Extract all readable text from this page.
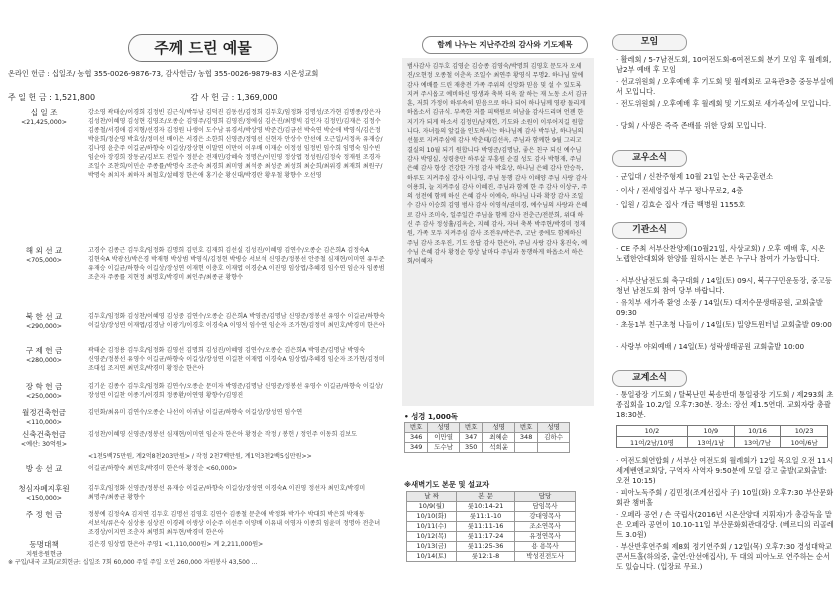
주께 드린 예물
온라인 헌금 : 십일조/ 농협 355-0026-9876-73, 감사헌금/ 농협 355-0026-9879-83 시온성교회
주 일 헌 금 : 1,521,800	감 사 헌 금 : 1,369,000
십 일 조
<21,425,000>
강소영 곽태순/이경희 김정빈 김근식/박두남 김덕진 김동선/김정희 김두호/임정화 김명성/조가현 김명종/장은자 김성찬/이혜영 김성현 김영조/오종순 김영주/김영희 김영진/정에심 김은진/최명빅 김인자 김정민/김재은 김정수 김종철/서경애 김지형/선경자 김정원 나생이 도수남 류경서/박상영 박준건/김금선 박숙연 박순애 박영식/김은정 박윤희/정순영 박효상/정미선 배이은 서경은 소한희 신영준/정영선 신현자 안상수 안선애 오근일/서정옥 유재승/김나영 윤춘주 이길균/하향숙 이길상/장상현 이말연 이만이 이우배 이재순 이정성 임정빈 임수희 임명숙 임수빈 임순아 장경희 장동균/김보도 전일수 정분순 전재민/강혜숙 정명은/이민영 정상엽 정성원/김정숙 정재원 조경자 조일수 조찬희/이민순 주종률/박명숙 조준숙 최경희 최미영 최석중 최성준 최성희 최순희/최위경 최재희 최원구/박명숙 최치자 최하자 최철호/설혜정 한은애 홍기순 황신대/박경란 황우철 황향수 오선영
해 외 선 교
<705,000>
고경수 김종근 김두호/임정화 김명희 김민호 김재희 김선실 김성진/이혜영 김연수/오종순 김은희A 김정숙A 김현숙A 박광선/박은경 박재형 박상범 박영식/김정현 박병승 서보석 신영준/정봉선 안증철 심재현/이미연 유두준 유재승 이길균/하향숙 이길상/장성연 이재헌 이충호 이재엽 이경순A 이진영 임상엽/추혜경 임수연 임순자 임종범 조춘자 주종률 지현정 최명호/박경미 최인주/최종균 황향수
북 한 선 교
<290,000>
김두호/임정화 김성찬/이혜영 김성중 김연수/오종순 김은희A 박영준/김명남 신영준/정봉선 유영수 이길균/하향숙 이길상/장성연 이재엽/김경남 이광기/이경호 이경숙A 이영석 임수연 임순자 조가현/김정미 최민호/박경미 한은아
구 제 헌 금
<280,000>
곽태순 김정용 김두호/임정화 김영선 김명희 김성진/이혜영 김연수/오종순 김은희A 박영준/김명남 박영숙 신영준/정봉선 유영수 이길균/하향숙 이길상/장성연 이길찬 이재엽 이경숙A 임상엽/추혜경 임순자 조가현/김정미 조대섭 조지연 최민호/박경미 황정순 한은아
장 학 헌 금
<250,000>
김기운 김종수 김두호/임정화 김연수/오종순 문미자 박영준/김명남 신영준/정봉선 유영수 이길균/하향숙 이길상/장성연 이길찬 이종기/이경희 정종환/이연영 황향수/김영진
월정건축헌금
<110,000>
김민화/최유미 김연수/오종순 나선이 이귀남 이길균/하향숙 이길상/장성연 임수연
신축건축헌금
<예산: 30억원>
김성찬/이혜영 신영준/정봉선 심재현/이미연 임순자 한은아 황정순 작정 / 봉헌 / 정인주 이동희 김보도
<1천5백75만원, 계2억8천203만원> / 작정 2천7백만원, 계1억3천2백5십만원>>
방 송 선 교	이길균/하향숙 최민호/박경미 한은아 황정순 <60,000>
청심자폐지후원
<150,000>
김두호/임정화 신영준/정봉선 유재승 이길균/하향숙 이길상/장성연 이경숙A 이진영 정선자 최민호/박경미 최명주/최종균 황향수
주 정 헌 금	정봉예 김정숙A 김지연 김두호 김명선 김영호 김연수 김종철 문춘애 박정화 박가수 박대희 박은희 박재동 서보석/류은숙 심상용 심상진 이경례 이생상 이순주 이선주 이양배 이유내 이영자 이종희 임윤미 정명아 전춘녀 조경상/이지연 조춘자 최명희 최두현/박경미 한은아
동명대책
지원응원헌금
김은경 임상엽 한은아 주영1 <1,110,000원> 계 2,211,000원>
※ 구입/내국 교회/교회헌금: 십일조 7회 60,000 주일 주일 오인 260,000 자원봉사 43,500 ...
함께 나누는 지난주간의 감사와 기도제목
범사감사 김두호 김영순 김승종 김영숙/박명희 김영호 문도자 오세진/오현정 오종철 이춘옥 조일수 최연주 황영식 무명2. 하나님 앞에 감사 예배를 드린 재충전 가족 주위의 신앙화 믿음 및 설 수 있도록 지켜 주시옵고 예비하신 영생과 축복 더욱 잘 하는 재 노동 소서 김규훈, 저희 가정이 하루속히 믿음으로 하나 되어 하나님께 영광 돌리게 하옵소서 김규식. 부족한 저를 피택원로 허남을 감사드리며 언젠 한지기가 되게 하소서 김정민/남재헌, 기도와 소원이 이루어지길 원합니다. 자녀들의 앞길을 인도하시는 하나님께 감사 박두남, 하나님의 선물로 지켜주심에 감사 박춘태/김선옥, 주님과 함께한 9월 그리고 결실의 10월 되기 원합니다 박영준/김명남, 좋은 친구 되신 예수님 감사 박영실, 성령충만 하루살 부흥원 순결 성도 감사 박형재, 주님 은혜 감사 항상 건강한 가정 감사 박효상, 하나님 은혜 감사 안승득, 하루도 지켜주심 감사 이나영, 주님 동행 감사 이해양 주님 사랑 감사 이용희, 늘 지켜주심 감사 이혜진, 주님과 함께 한 주 감사 이상구, 주의 성전에 함께 하신 은혜 감사 이예숙, 하나님 나라 확장 감사 조일수 감사 이승희 김영 범사 감사 이영석/권미경, 예수님의 사랑과 은혜로 감사 조미숙, 일주일간 주님을 함께 감사 전춘근/전분희, 위대 하신 주 감사 정성휼/김옥순, 지혜 감사, 자녀 축복 박주현/박경미 정재원, 가족 모두 지켜주심 감사 조전우/박은주, 고난 중에도 함께하신 주님 감사 조우진, 기도 응답 감사 한은아, 주님 사랑 감사 홍진숙, 예수님 은혜 감사 황정순 항상 날마다 주님과 동행하게 하옵소서 하은회/이혜자
• 성경 1,000독
번호	성명	번호	성명	번호	성명
346	이만열	347	최혜순	348	김하수
349	도수남	350	석희윤		
※새벽기도 본문 및 설교자
날 짜	본 문	담당
10/9(월)	룻10:14-21	담임목사
10/10(화)	룻11:1-10	강대영목사
10/11(수)	룻11:11-16	조소연목사
10/12(목)	룻11:17-24	유정연목사
10/13(금)	룻11:25-36	용 용목사
10/14(토)	룻12:1-8	박성진전도사
모임
· 활레회 / 5-7남전도회, 10여전도회-6여전도회 분기 모임 후 월례회, 남2부 예배 후 모임
· 선교위원회 / 오후예배 후 기도회 및 월례회로 교육관3층 중등부실에서 모입니다.
· 전도위원회 / 오후예배 후 월례회 및 기도회로 새가족실에 모입니다.
· 당회 / 사생은 즉즉 존배를 위한 당회 모입니다.
교우소식
· 군입대 / 신찬주형제 10월 21일 논산 육군훈련소
· 이사 / 전세영집사 부구 평나무로2, 4층
· 입원 / 김효순 집사 개금 백병원 1155호
기관소식
· CE 주최 서부산찬양제(10월21일, 사상교회) / 오후 예배 후, 시온 노랩한안대회와 한양를 원하시는 분은 누구나 참여가 가능합니다.
· 서부산남전도회 축구대회 / 14일(토) 09시, 북구구민운동장, 중고등 청년 남전도회 참여 당부 바랍니다.
· 유치부 새가족 환영 소풍 / 14일(토) 대저수문생태공원, 교회출발 09:30
· 초등1부 친구초청 나들이 / 14일(토) 밀양트윈터널 교회출발 09:00
· 사랑부 야외예배 / 14일(토) 성락생태공원 교회출발 10:00
교계소식
· 통일광장 기도회 / 탈북난민 북송반대 통일광장 기도회 / 제293회 초종집회을 10.2/일 오후7:30분. 장소: 장선 제1.5연대. 교회자랑 총괄 18:30분.
10/2	10/9	10/16	10/23
11여/2남/10명	13여/1남	13여/7남	10여/6남
· 여전도회연합회 / 서부산 여전도회 월례회가 12일 목요일 오전 11시 세계벤엔교회당, 구역자 사역자 9:50분에 모일 감고 출발(교회출발: 오전 10:15)
· 피아노독주회 / 김민정(조계선집사 子) 10일(화) 오후7:30 부산문화회관 챔버홀
· 오페라 공연 / 손 국립사(2016년 시온산양대 지휘자)가 총감독을 맡은 오페라 공연이 10.10-11일 부산문화회관대강당. (베르디의 리골레트 3.0원)
· 부산반후연주회 제8회 정기연주회 / 12일(목) 오후7:30 경성대학교 콘서트홀(하의중, 출연:안선애집사), 두 대의 피아노로 연주하는 순서도 있습니다. (입장료 무료.)
